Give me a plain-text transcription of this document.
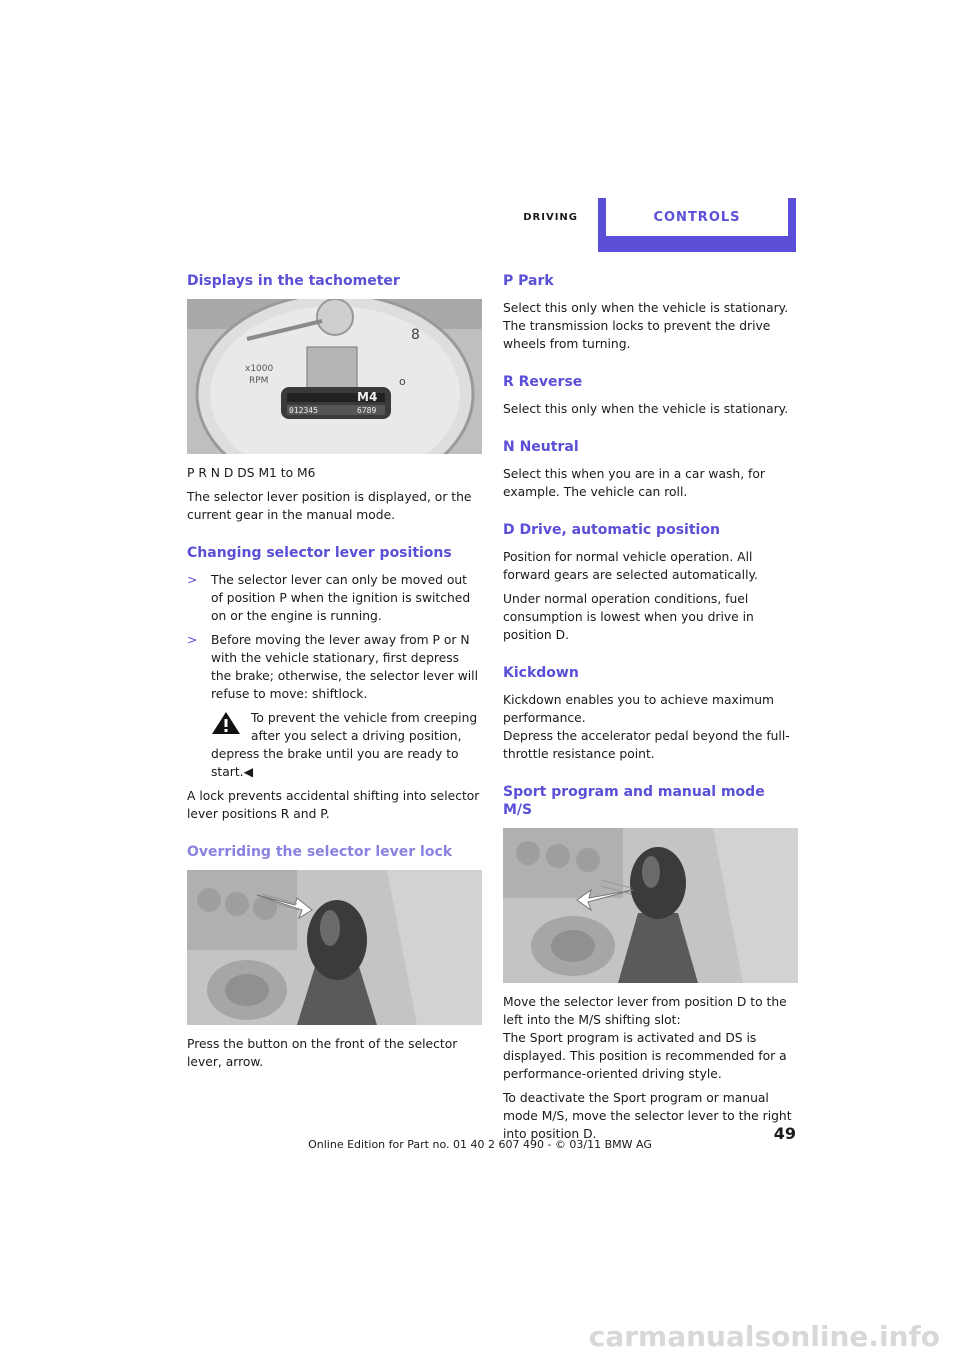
DRIVING	CONTROLS
Displays in the tachometer
8
o
x1000
RPM
M4
012345	6789

P R N D DS M1 to M6

The selector lever position is displayed, or the current gear in the manual mode.

Changing selector lever positions
> The selector lever can only be moved out of position P when the ignition is switched on or the engine is running.
> Before moving the lever away from P or N with the vehicle stationary, first depress the brake; otherwise, the selector lever will refuse to move: shiftlock.
To prevent the vehicle from creeping after you select a driving position, depress the brake until you are ready to start.◀

A lock prevents accidental shifting into selector lever positions R and P.

Overriding the selector lever lock

Press the button on the front of the selector lever, arrow.

P Park

Select this only when the vehicle is stationary. The transmission locks to prevent the drive wheels from turning.

R Reverse

Select this only when the vehicle is stationary.

N Neutral

Select this when you are in a car wash, for example. The vehicle can roll.

D Drive, automatic position

Position for normal vehicle operation. All forward gears are selected automatically.

Under normal operation conditions, fuel consumption is lowest when you drive in position D.

Kickdown

Kickdown enables you to achieve maximum performance.

Depress the accelerator pedal beyond the full-throttle resistance point.

Sport program and manual mode M/S

Move the selector lever from position D to the left into the M/S shifting slot:

The Sport program is activated and DS is displayed. This position is recommended for a performance-oriented driving style.

To deactivate the Sport program or manual mode M/S, move the selector lever to the right into position D.	49
Online Edition for Part no. 01 40 2 607 490 - © 03/11 BMW AG
carmanualsonline.info
